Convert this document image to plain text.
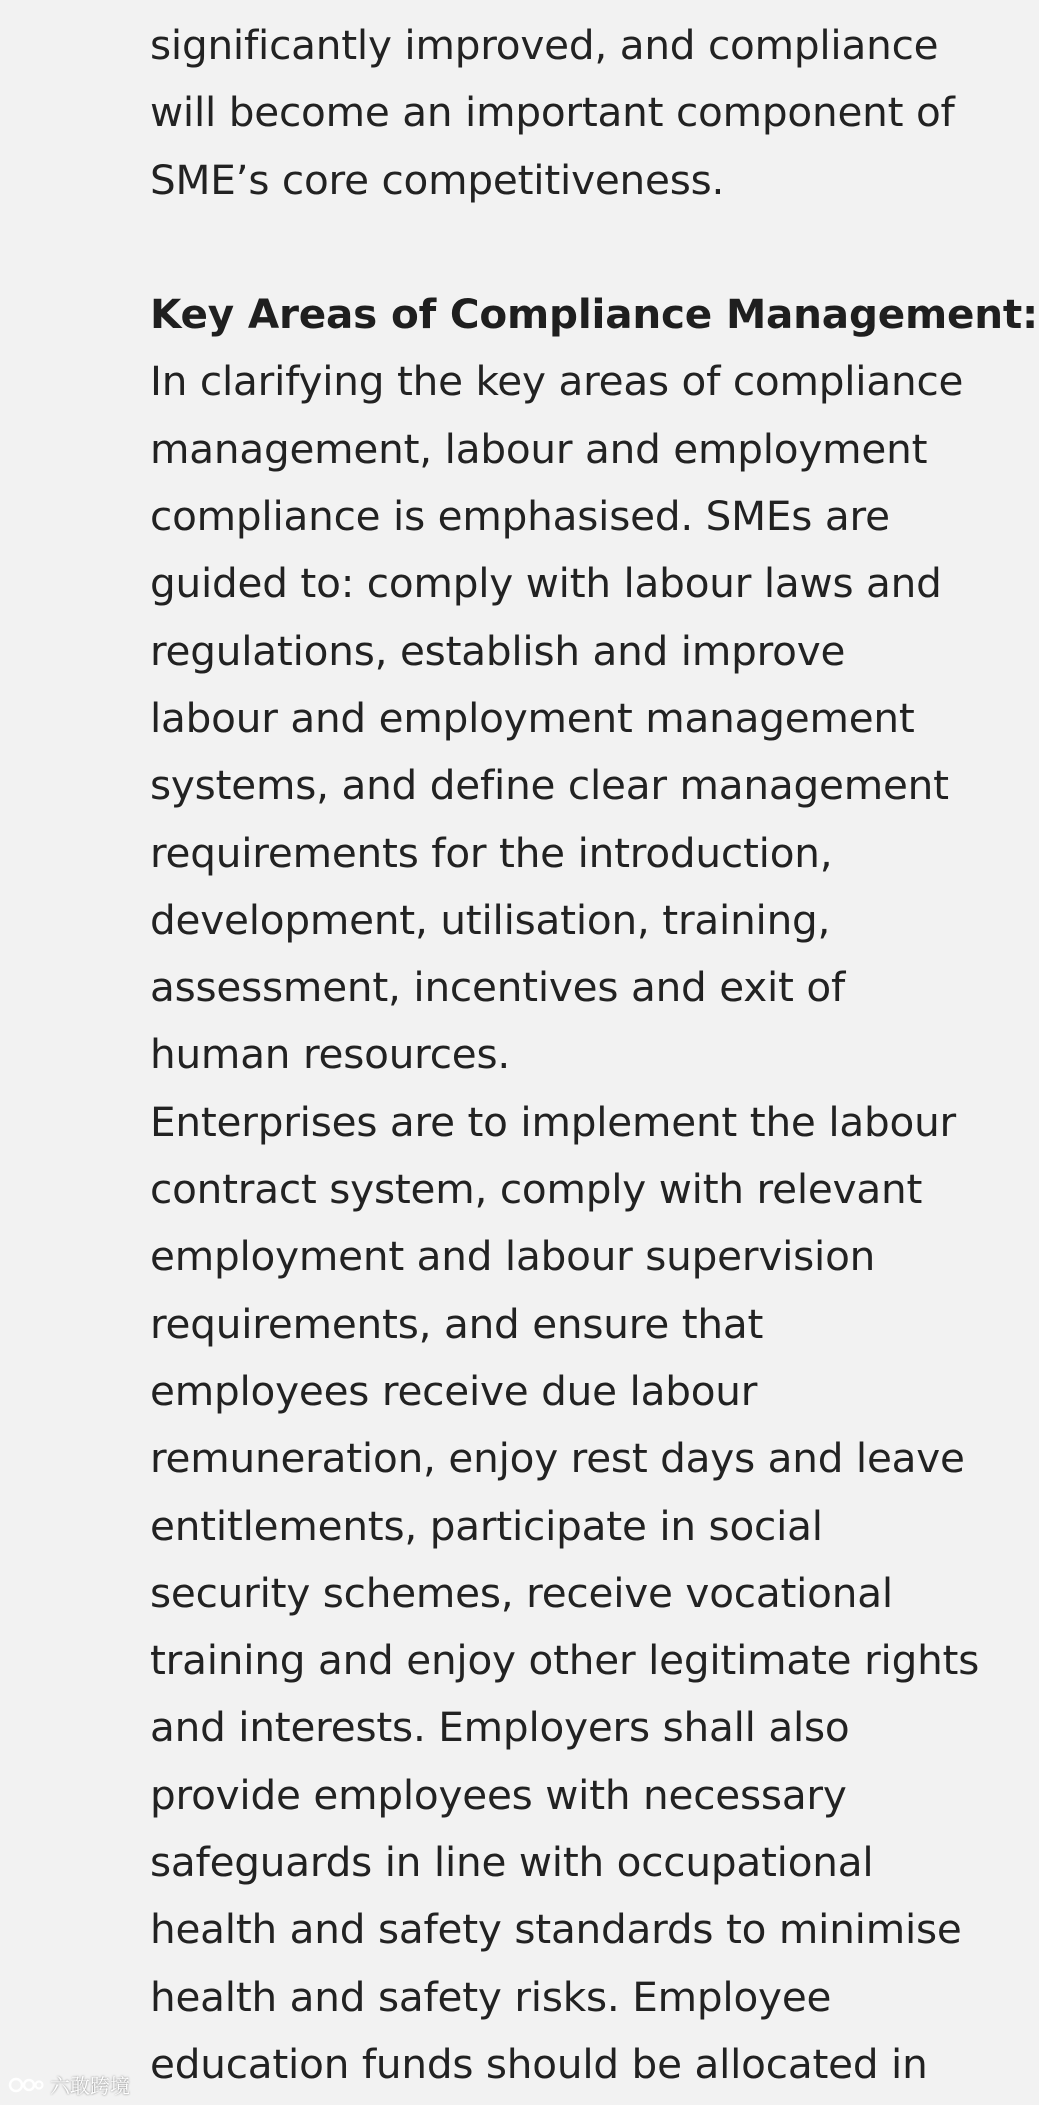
significantly improved, and compliance
will become an important component of
SME’s core competitiveness.
Key Areas of Compliance Management:
In clarifying the key areas of compliance
management, labour and employment
compliance is emphasised. SMEs are
guided to: comply with labour laws and
regulations, establish and improve
labour and employment management
systems, and define clear management
requirements for the introduction,
development, utilisation, training,
assessment, incentives and exit of
human resources.
Enterprises are to implement the labour
contract system, comply with relevant
employment and labour supervision
requirements, and ensure that
employees receive due labour
remuneration, enjoy rest days and leave
entitlements, participate in social
security schemes, receive vocational
training and enjoy other legitimate rights
and interests. Employers shall also
provide employees with necessary
safeguards in line with occupational
health and safety standards to minimise
health and safety risks. Employee
education funds should be allocated in
六敢跨境
